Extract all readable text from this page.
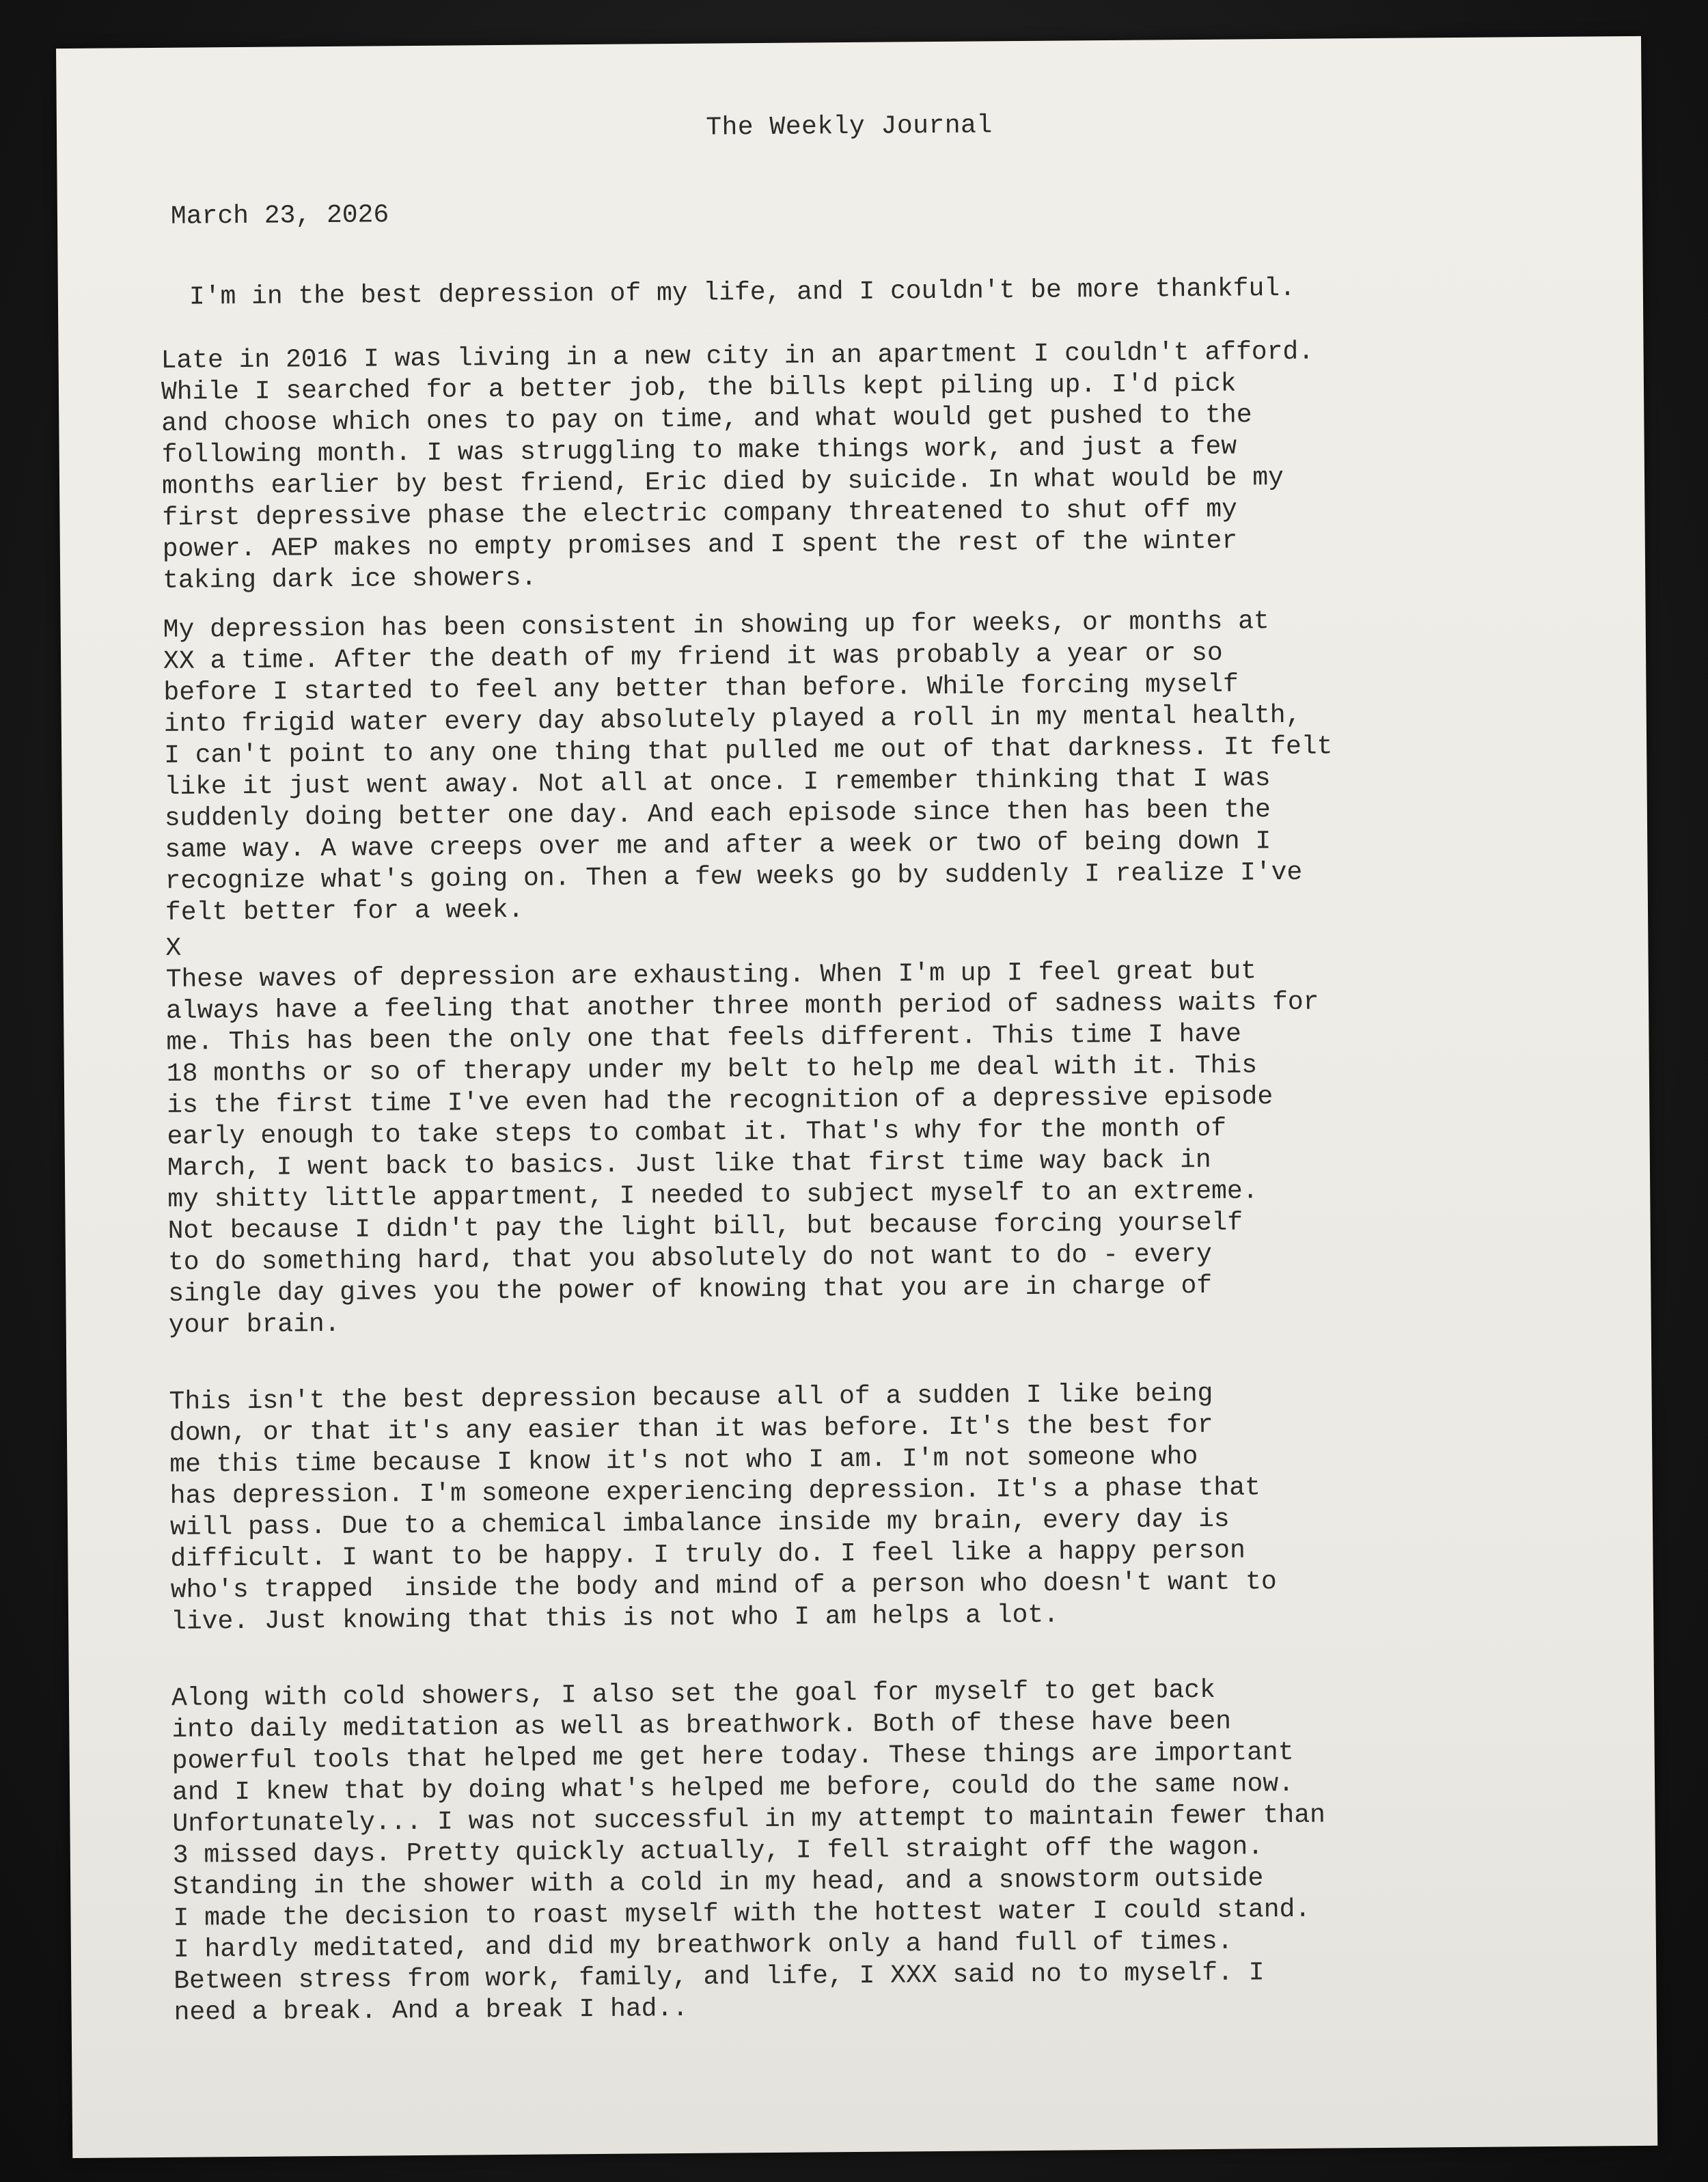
The Weekly Journal
March 23, 2026
I'm in the best depression of my life, and I couldn't be more thankful.
Late in 2016 I was living in a new city in an apartment I couldn't afford.
While I searched for a better job, the bills kept piling up. I'd pick
and choose which ones to pay on time, and what would get pushed to the
following month. I was struggling to make things work, and just a few
months earlier by best friend, Eric died by suicide. In what would be my
first depressive phase the electric company threatened to shut off my
power. AEP makes no empty promises and I spent the rest of the winter
taking dark ice showers.
My depression has been consistent in showing up for weeks, or months at
XX a time. After the death of my friend it was probably a year or so
before I started to feel any better than before. While forcing myself
into frigid water every day absolutely played a roll in my mental health,
I can't point to any one thing that pulled me out of that darkness. It felt
like it just went away. Not all at once. I remember thinking that I was
suddenly doing better one day. And each episode since then has been the
same way. A wave creeps over me and after a week or two of being down I
recognize what's going on. Then a few weeks go by suddenly I realize I've
felt better for a week.
X
These waves of depression are exhausting. When I'm up I feel great but
always have a feeling that another three month period of sadness waits for
me. This has been the only one that feels different. This time I have
18 months or so of therapy under my belt to help me deal with it. This
is the first time I've even had the recognition of a depressive episode
early enough to take steps to combat it. That's why for the month of
March, I went back to basics. Just like that first time way back in
my shitty little appartment, I needed to subject myself to an extreme.
Not because I didn't pay the light bill, but because forcing yourself
to do something hard, that you absolutely do not want to do - every
single day gives you the power of knowing that you are in charge of
your brain.
This isn't the best depression because all of a sudden I like being
down, or that it's any easier than it was before. It's the best for
me this time because I know it's not who I am. I'm not someone who
has depression. I'm someone experiencing depression. It's a phase that
will pass. Due to a chemical imbalance inside my brain, every day is
difficult. I want to be happy. I truly do. I feel like a happy person
who's trapped  inside the body and mind of a person who doesn't want to
live. Just knowing that this is not who I am helps a lot.
Along with cold showers, I also set the goal for myself to get back
into daily meditation as well as breathwork. Both of these have been
powerful tools that helped me get here today. These things are important
and I knew that by doing what's helped me before, could do the same now.
Unfortunately... I was not successful in my attempt to maintain fewer than
3 missed days. Pretty quickly actually, I fell straight off the wagon.
Standing in the shower with a cold in my head, and a snowstorm outside
I made the decision to roast myself with the hottest water I could stand.
I hardly meditated, and did my breathwork only a hand full of times.
Between stress from work, family, and life, I XXX said no to myself. I
need a break. And a break I had..
